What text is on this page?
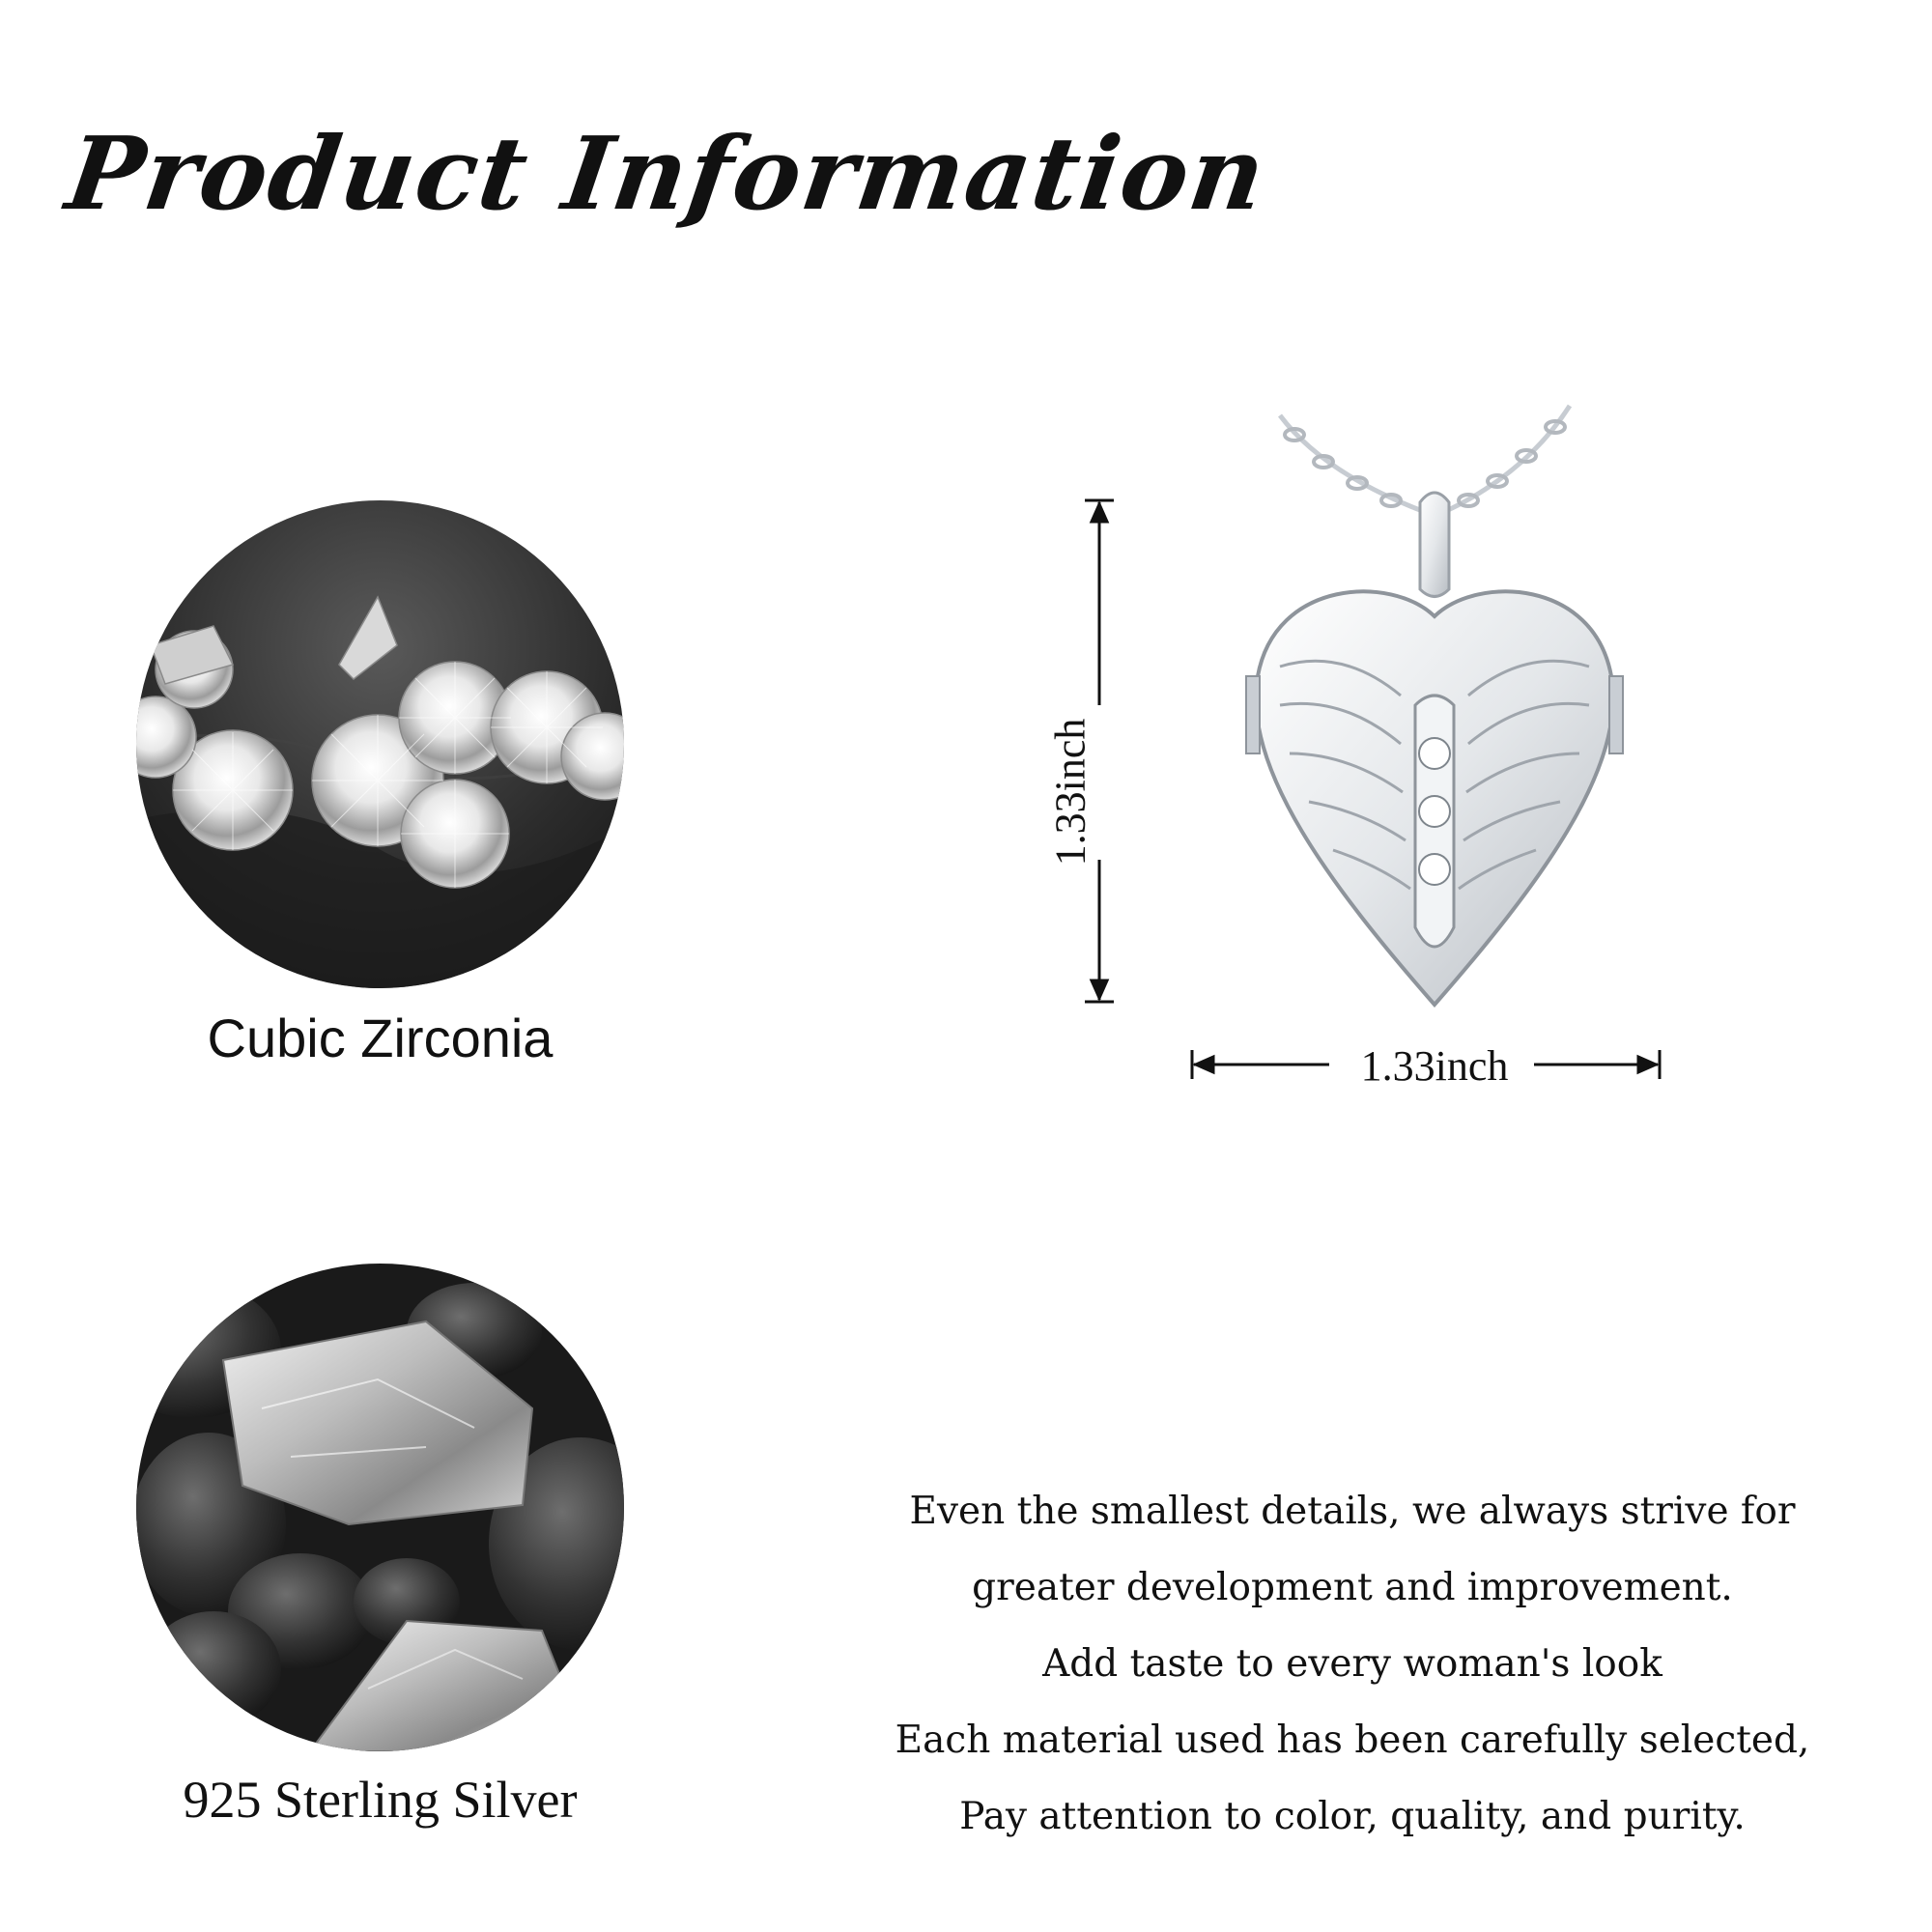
Product Information
Cubic Zirconia
925 Sterling Silver
1.33inch
1.33inch
Even the smallest details, we always strive for
greater development and improvement.
Add taste to every woman's look
Each material used has been carefully selected,
Pay attention to color, quality, and purity.
